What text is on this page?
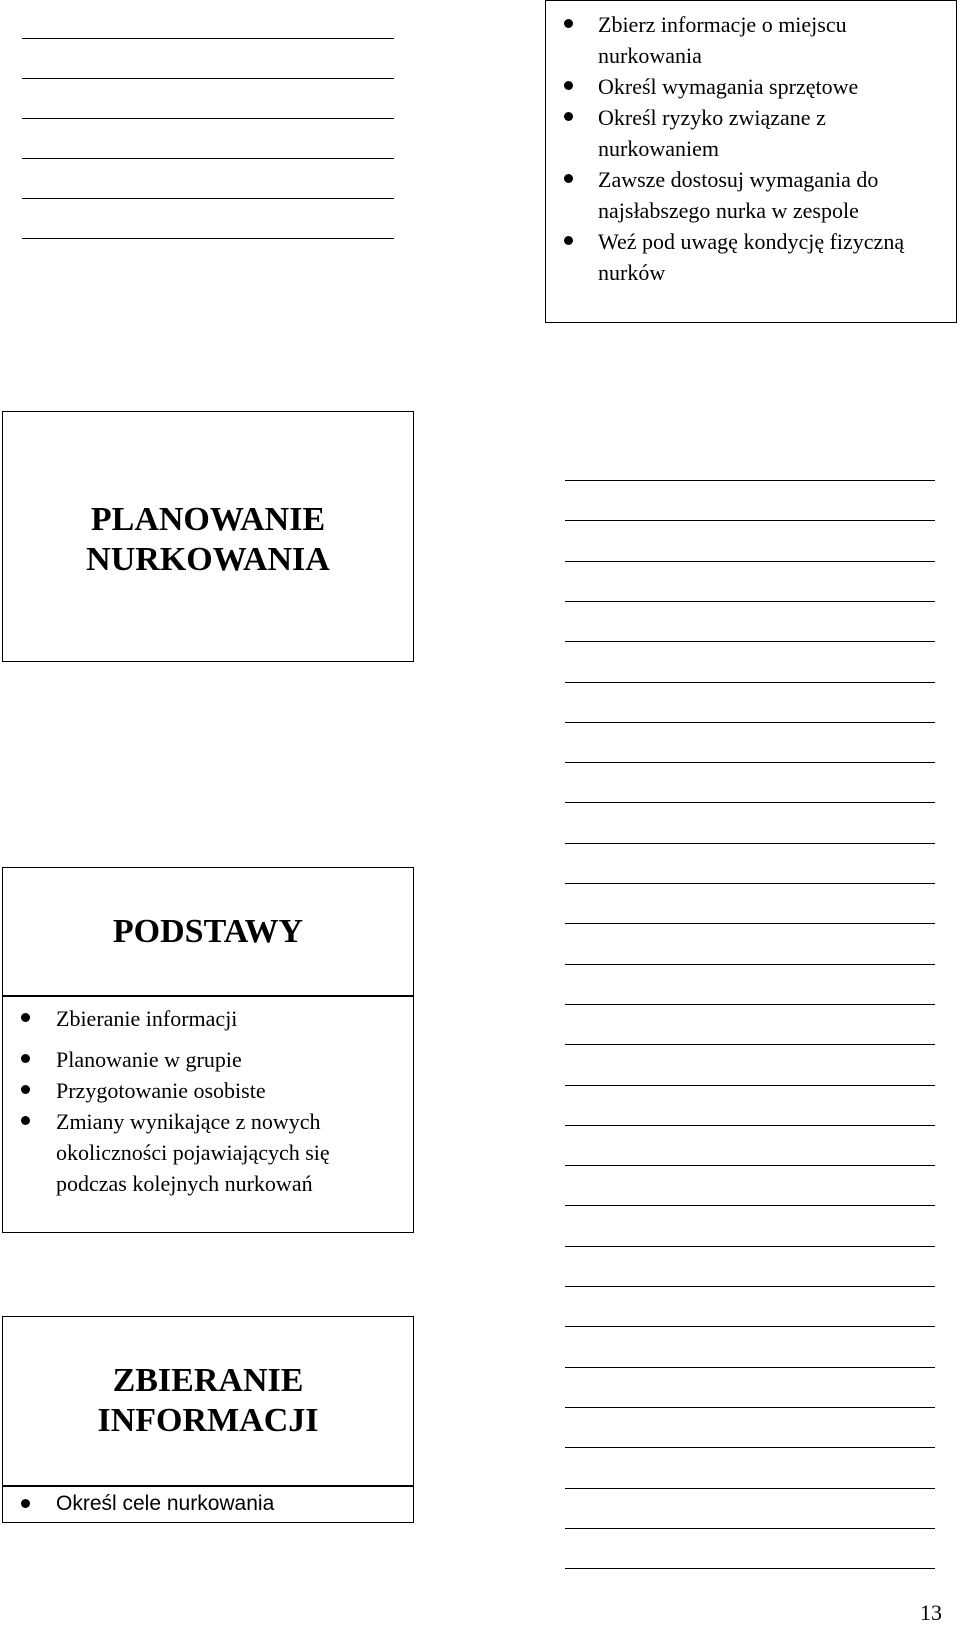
Zbierz informacje o miejscu nurkowania
Określ wymagania sprzętowe
Określ ryzyko związane z nurkowaniem
Zawsze dostosuj wymagania do najsłabszego nurka w zespole
Weź pod uwagę kondycję fizyczną nurków
PLANOWANIE
NURKOWANIA
PODSTAWY
Zbieranie informacji
Planowanie w grupie
Przygotowanie osobiste
Zmiany wynikające z nowych okoliczności pojawiających się podczas kolejnych nurkowań
ZBIERANIE
INFORMACJI
Określ cele nurkowania
13
